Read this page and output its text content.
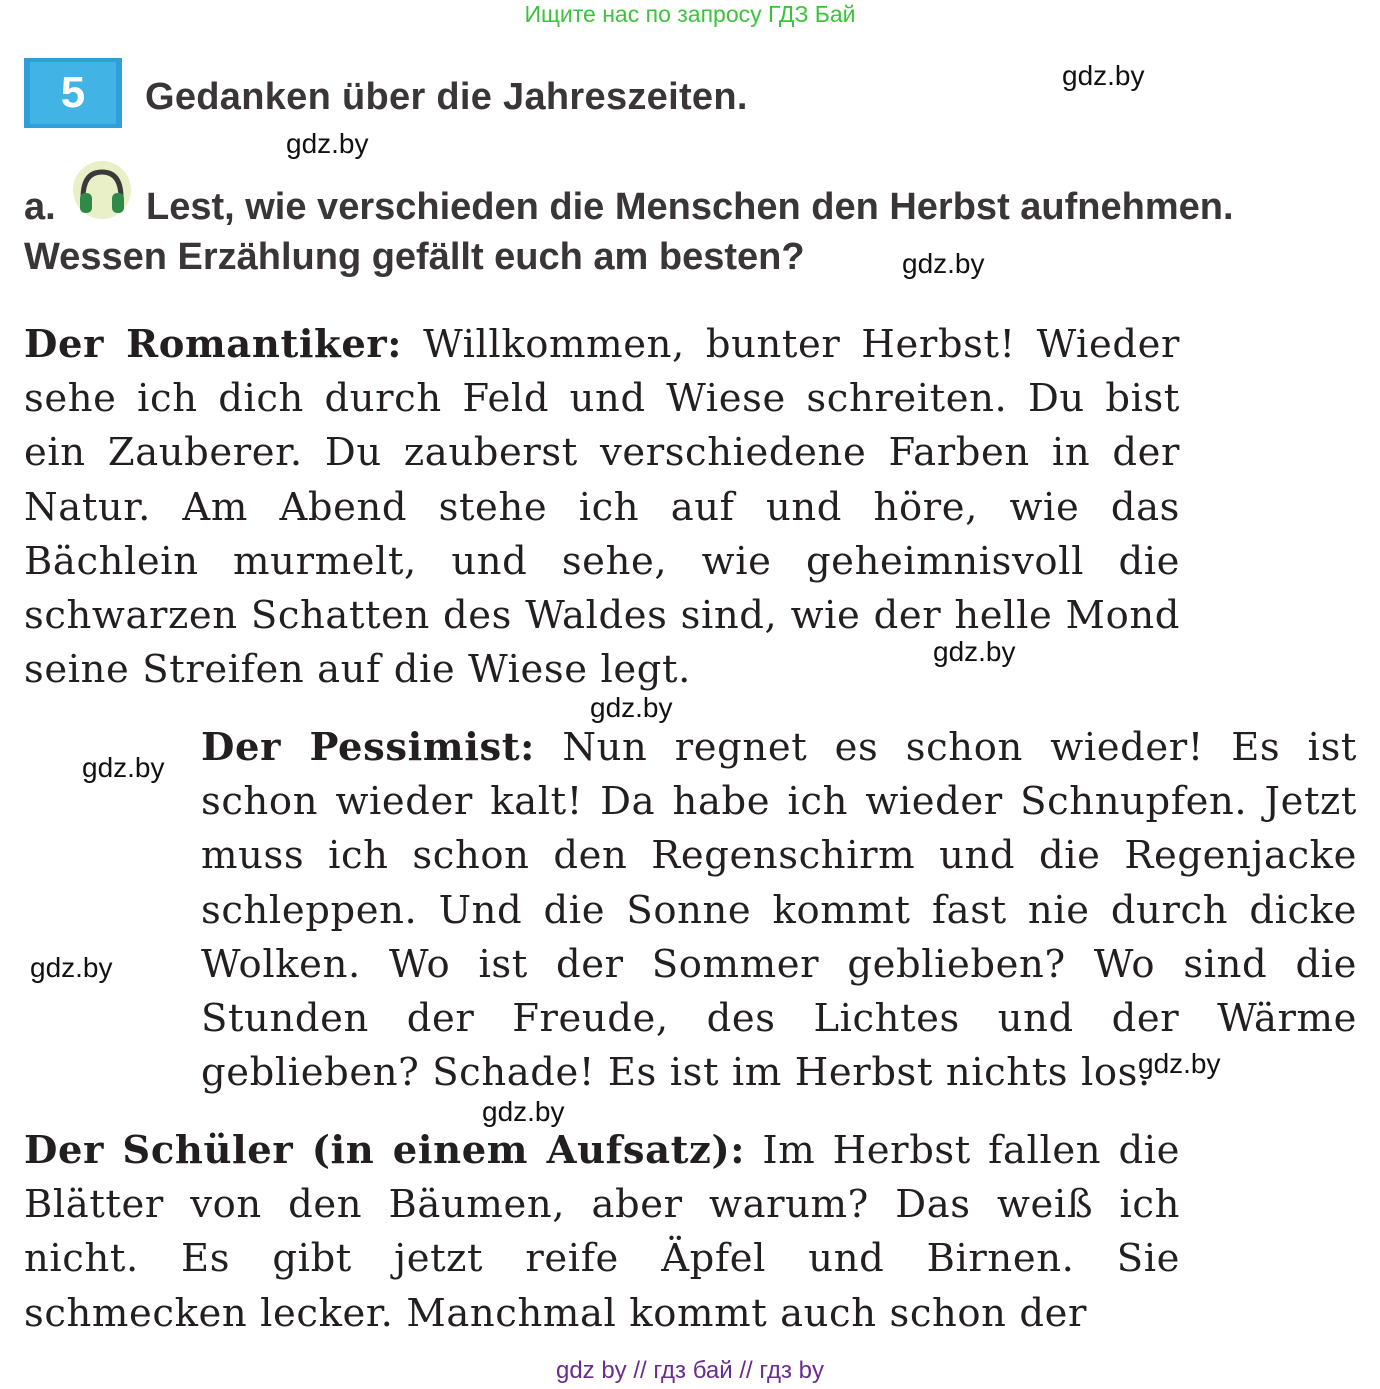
Ищите нас по запросу ГДЗ Бай
5	Gedanken über die Jahreszeiten.
gdz.by
gdz.by
a. Lest, wie verschieden die Menschen den Herbst aufnehmen.
Wessen Erzählung gefällt euch am besten?	gdz.by
Der Romantiker: Willkommen, bunter Herbst! Wieder sehe ich dich durch Feld und Wiese schreiten. Du bist ein Zauberer. Du zauberst verschiedene Farben in der Natur. Am Abend stehe ich auf und höre, wie das Bächlein murmelt, und sehe, wie geheimnisvoll die schwarzen Schatten des Waldes sind, wie der helle Mond seine Streifen auf die Wiese legt.	gdz.by
gdz.by
gdz.by Der Pessimist: Nun regnet es schon wieder! Es ist schon wieder kalt! Da habe ich wieder Schnupfen. Jetzt muss ich schon den Regenschirm und die Regenjacke schleppen. Und die Sonne kommt fast nie durch dicke Wolken. Wo ist der Sommer geblieben? Wo sind die Stunden der Freude, des Lichtes und der Wärme geblieben? Schade! Es ist im Herbst nichts los.
gdz.by
gdz.by
gdz.by
Der Schüler (in einem Aufsatz): Im Herbst fallen die Blätter von den Bäumen, aber warum? Das weiß ich nicht. Es gibt jetzt reife Äpfel und Birnen. Sie schmecken lecker. Manchmal kommt auch schon der
gdz by // гдз бай // гдз by
